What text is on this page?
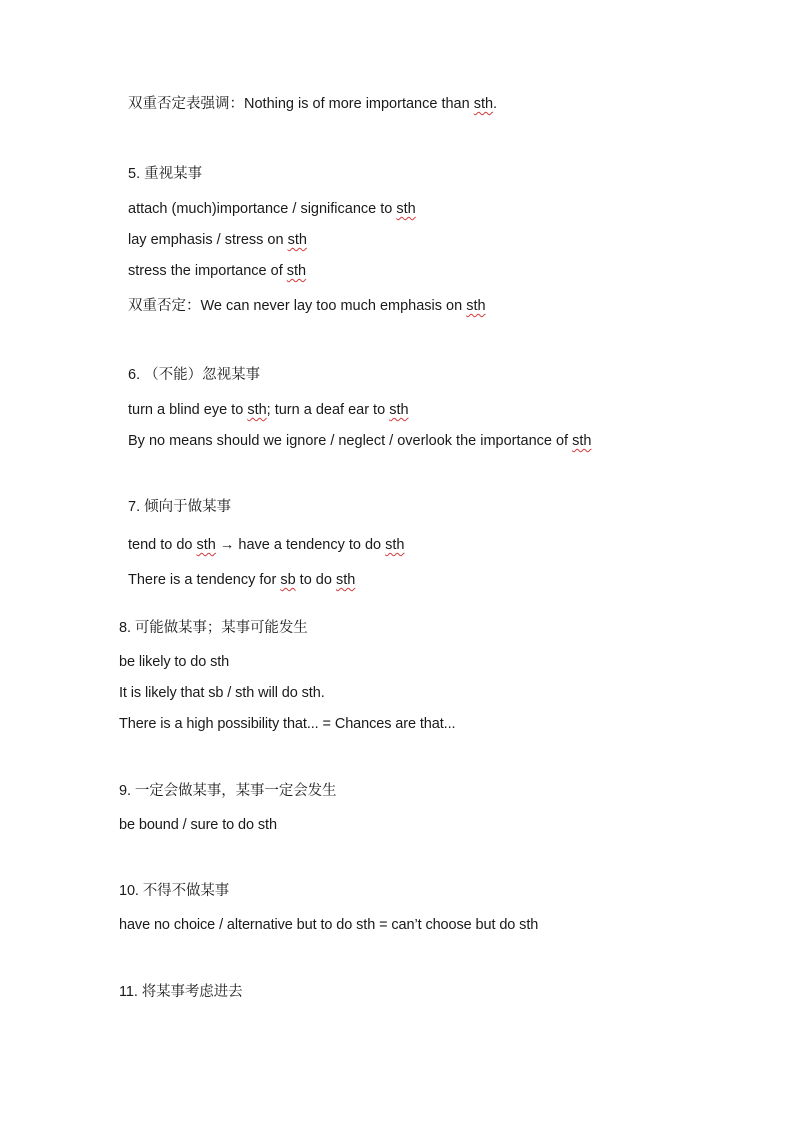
双重否定表强调：Nothing is of more importance than sth.
5. 重视某事
attach (much)importance / significance to sth
lay emphasis / stress on sth
stress the importance of sth
双重否定：We can never lay too much emphasis on sth
6. （不能）忽视某事
turn a blind eye to sth; turn a deaf ear to sth
By no means should we ignore / neglect / overlook the importance of sth
7. 倾向于做某事
tend to do sth → have a tendency to do sth
There is a tendency for sb to do sth
8. 可能做某事；某事可能发生
be likely to do sth
It is likely that sb / sth will do sth.
There is a high possibility that... = Chances are that...
9. 一定会做某事，某事一定会发生
be bound / sure to do sth
10. 不得不做某事
have no choice / alternative but to do sth = can’t choose but do sth
11. 将某事考虑进去
